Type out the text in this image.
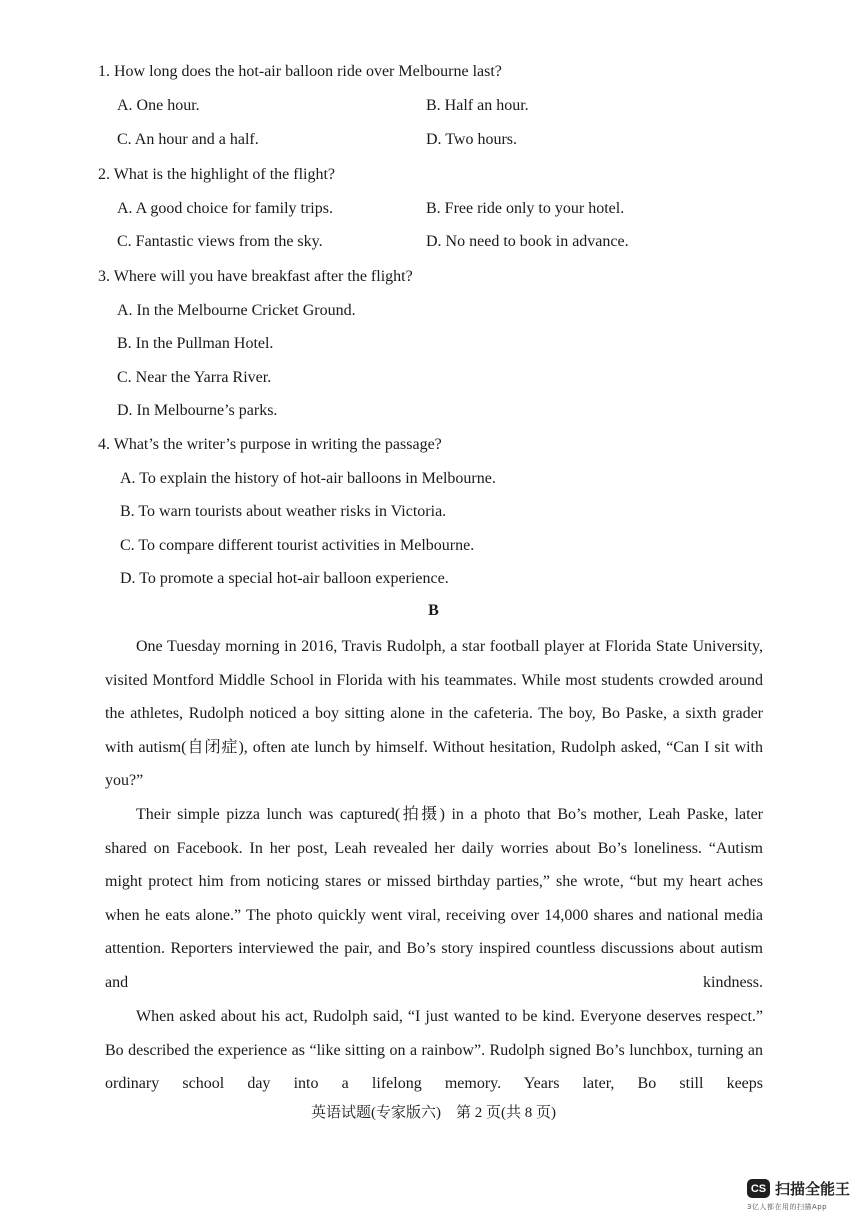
1. How long does the hot-air balloon ride over Melbourne last?
A. One hour.	B. Half an hour.
C. An hour and a half.	D. Two hours.
2. What is the highlight of the flight?
A. A good choice for family trips.	B. Free ride only to your hotel.
C. Fantastic views from the sky.	D. No need to book in advance.
3. Where will you have breakfast after the flight?
A. In the Melbourne Cricket Ground.
B. In the Pullman Hotel.
C. Near the Yarra River.
D. In Melbourne’s parks.
4. What’s the writer’s purpose in writing the passage?
A. To explain the history of hot-air balloons in Melbourne.
B. To warn tourists about weather risks in Victoria.
C. To compare different tourist activities in Melbourne.
D. To promote a special hot-air balloon experience.
B

One Tuesday morning in 2016, Travis Rudolph, a star football player at Florida State University, visited Montford Middle School in Florida with his teammates. While most students crowded around the athletes, Rudolph noticed a boy sitting alone in the cafeteria. The boy, Bo Paske, a sixth grader with autism(自闭症), often ate lunch by himself. Without hesitation, Rudolph asked, “Can I sit with you?”

Their simple pizza lunch was captured(拍摄) in a photo that Bo’s mother, Leah Paske, later shared on Facebook. In her post, Leah revealed her daily worries about Bo’s loneliness. “Autism might protect him from noticing stares or missed birthday parties,” she wrote, “but my heart aches when he eats alone.” The photo quickly went viral, receiving over 14,000 shares and national media attention. Reporters interviewed the pair, and Bo’s story inspired countless discussions about autism and kindness.

When asked about his act, Rudolph said, “I just wanted to be kind. Everyone deserves respect.” Bo described the experience as “like sitting on a rainbow”. Rudolph signed Bo’s lunchbox, turning an ordinary school day into a lifelong memory. Years later, Bo still keeps

英语试题(专家版六)　第 2 页(共 8 页)
CS 扫描全能王
3亿人都在用的扫描App
